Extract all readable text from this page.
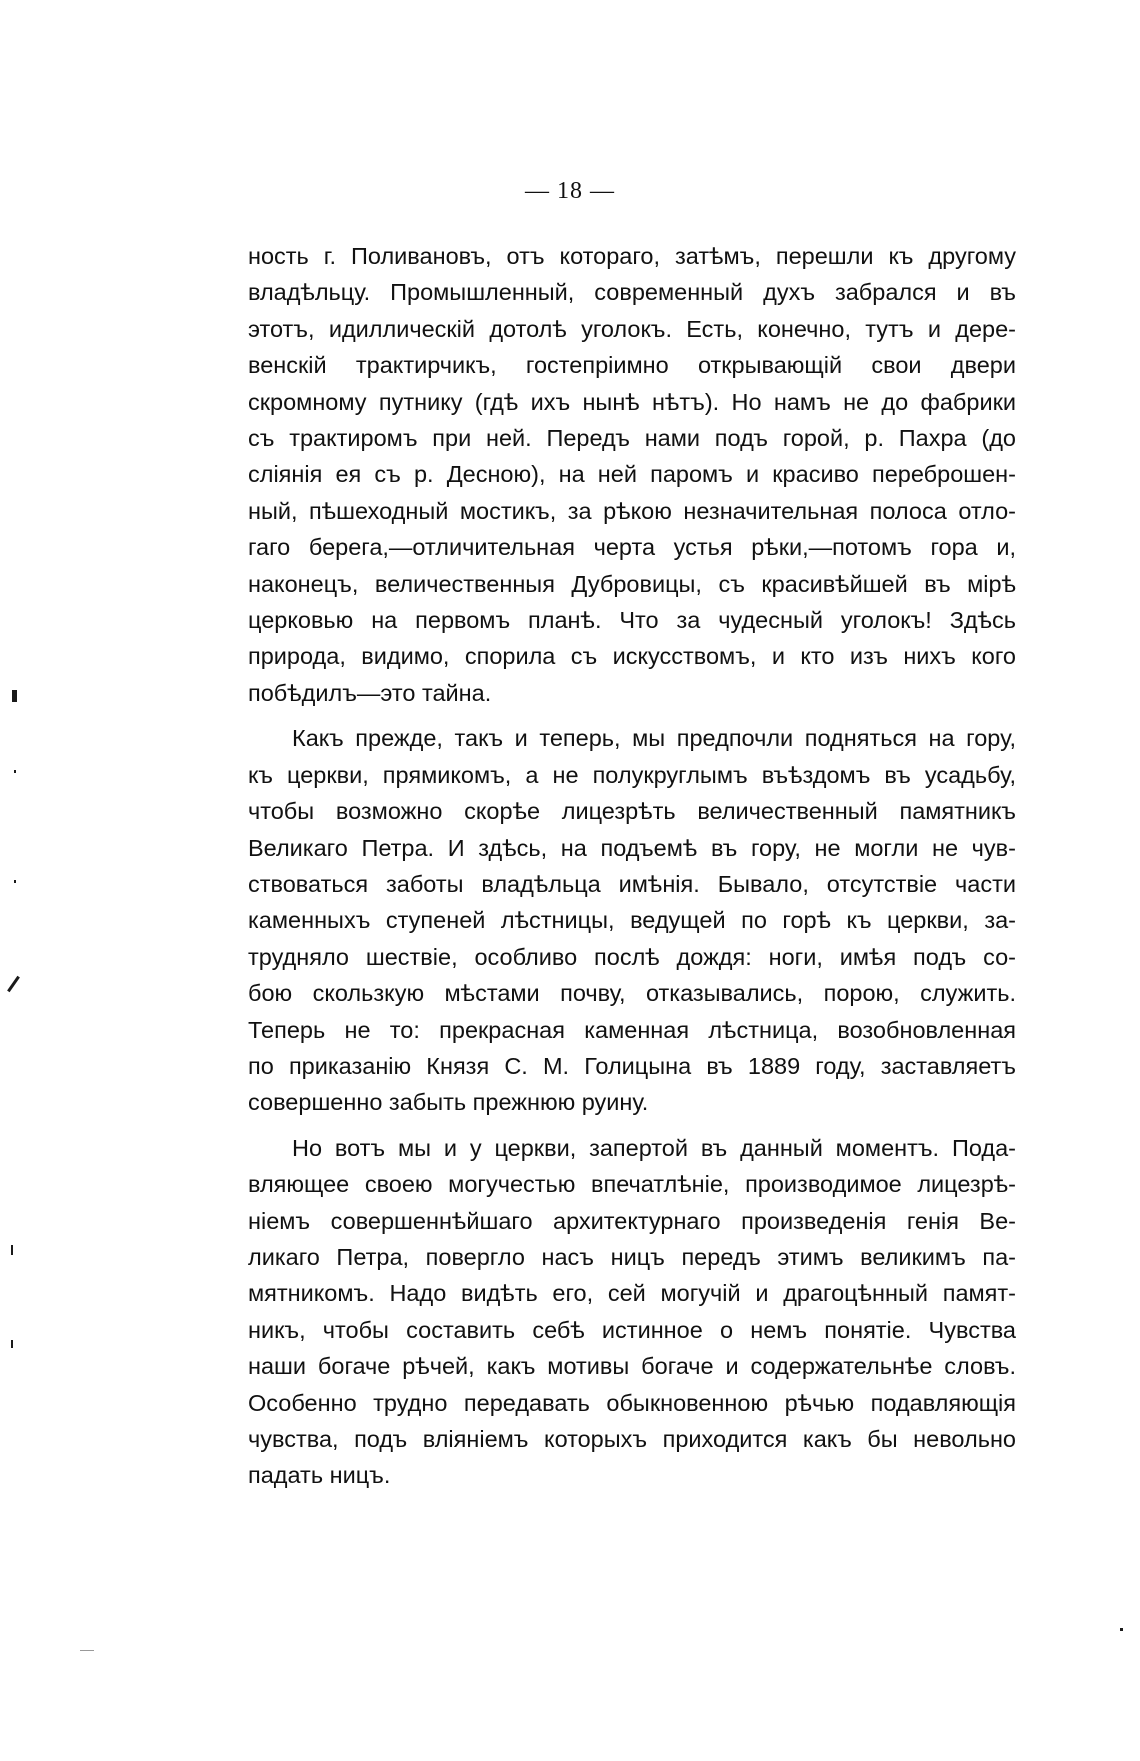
— 18 —

ность г. Поливановъ, отъ котораго, затѣмъ, перешли къ другому
владѣльцу. Промышленный, современный духъ забрался и въ
этотъ, идиллическій дотолѣ уголокъ. Есть, конечно, тутъ и дере-
венскій трактирчикъ, гостепріимно открывающій свои двери
скромному путнику (гдѣ ихъ нынѣ нѣтъ). Но намъ не до фабрики
съ трактиромъ при ней. Передъ нами подъ горой, р. Пахра (до
сліянія ея съ р. Десною), на ней паромъ и красиво переброшен-
ный, пѣшеходный мостикъ, за рѣкою незначительная полоса отло-
гаго берега,—отличительная черта устья рѣки,—потомъ гора и,
наконецъ, величественныя Дубровицы, съ красивѣйшей въ мірѣ
церковью на первомъ планѣ. Что за чудесный уголокъ! Здѣсь
природа, видимо, спорила съ искусствомъ, и кто изъ нихъ кого
побѣдилъ—это тайна.

Какъ прежде, такъ и теперь, мы предпочли подняться на гору,
къ церкви, прямикомъ, а не полукруглымъ въѣздомъ въ усадьбу,
чтобы возможно скорѣе лицезрѣть величественный памятникъ
Великаго Петра. И здѣсь, на подъемѣ въ гору, не могли не чув-
ствоваться заботы владѣльца имѣнія. Бывало, отсутствіе части
каменныхъ ступеней лѣстницы, ведущей по горѣ къ церкви, за-
трудняло шествіе, особливо послѣ дождя: ноги, имѣя подъ со-
бою скользкую мѣстами почву, отказывались, порою, служить.
Теперь не то: прекрасная каменная лѣстница, возобновленная
по приказанію Князя С. М. Голицына въ 1889 году, заставляетъ
совершенно забыть прежнюю руину.

Но вотъ мы и у церкви, запертой въ данный моментъ. Пода-
вляющее своею могучестью впечатлѣніе, производимое лицезрѣ-
ніемъ совершеннѣйшаго архитектурнаго произведенія генія Ве-
ликаго Петра, повергло насъ ницъ передъ этимъ великимъ па-
мятникомъ. Надо видѣть его, сей могучій и драгоцѣнный памят-
никъ, чтобы составить себѣ истинное о немъ понятіе. Чувства
наши богаче рѣчей, какъ мотивы богаче и содержательнѣе словъ.
Особенно трудно передавать обыкновенною рѣчью подавляющія
чувства, подъ вліяніемъ которыхъ приходится какъ бы невольно
падать ницъ.
